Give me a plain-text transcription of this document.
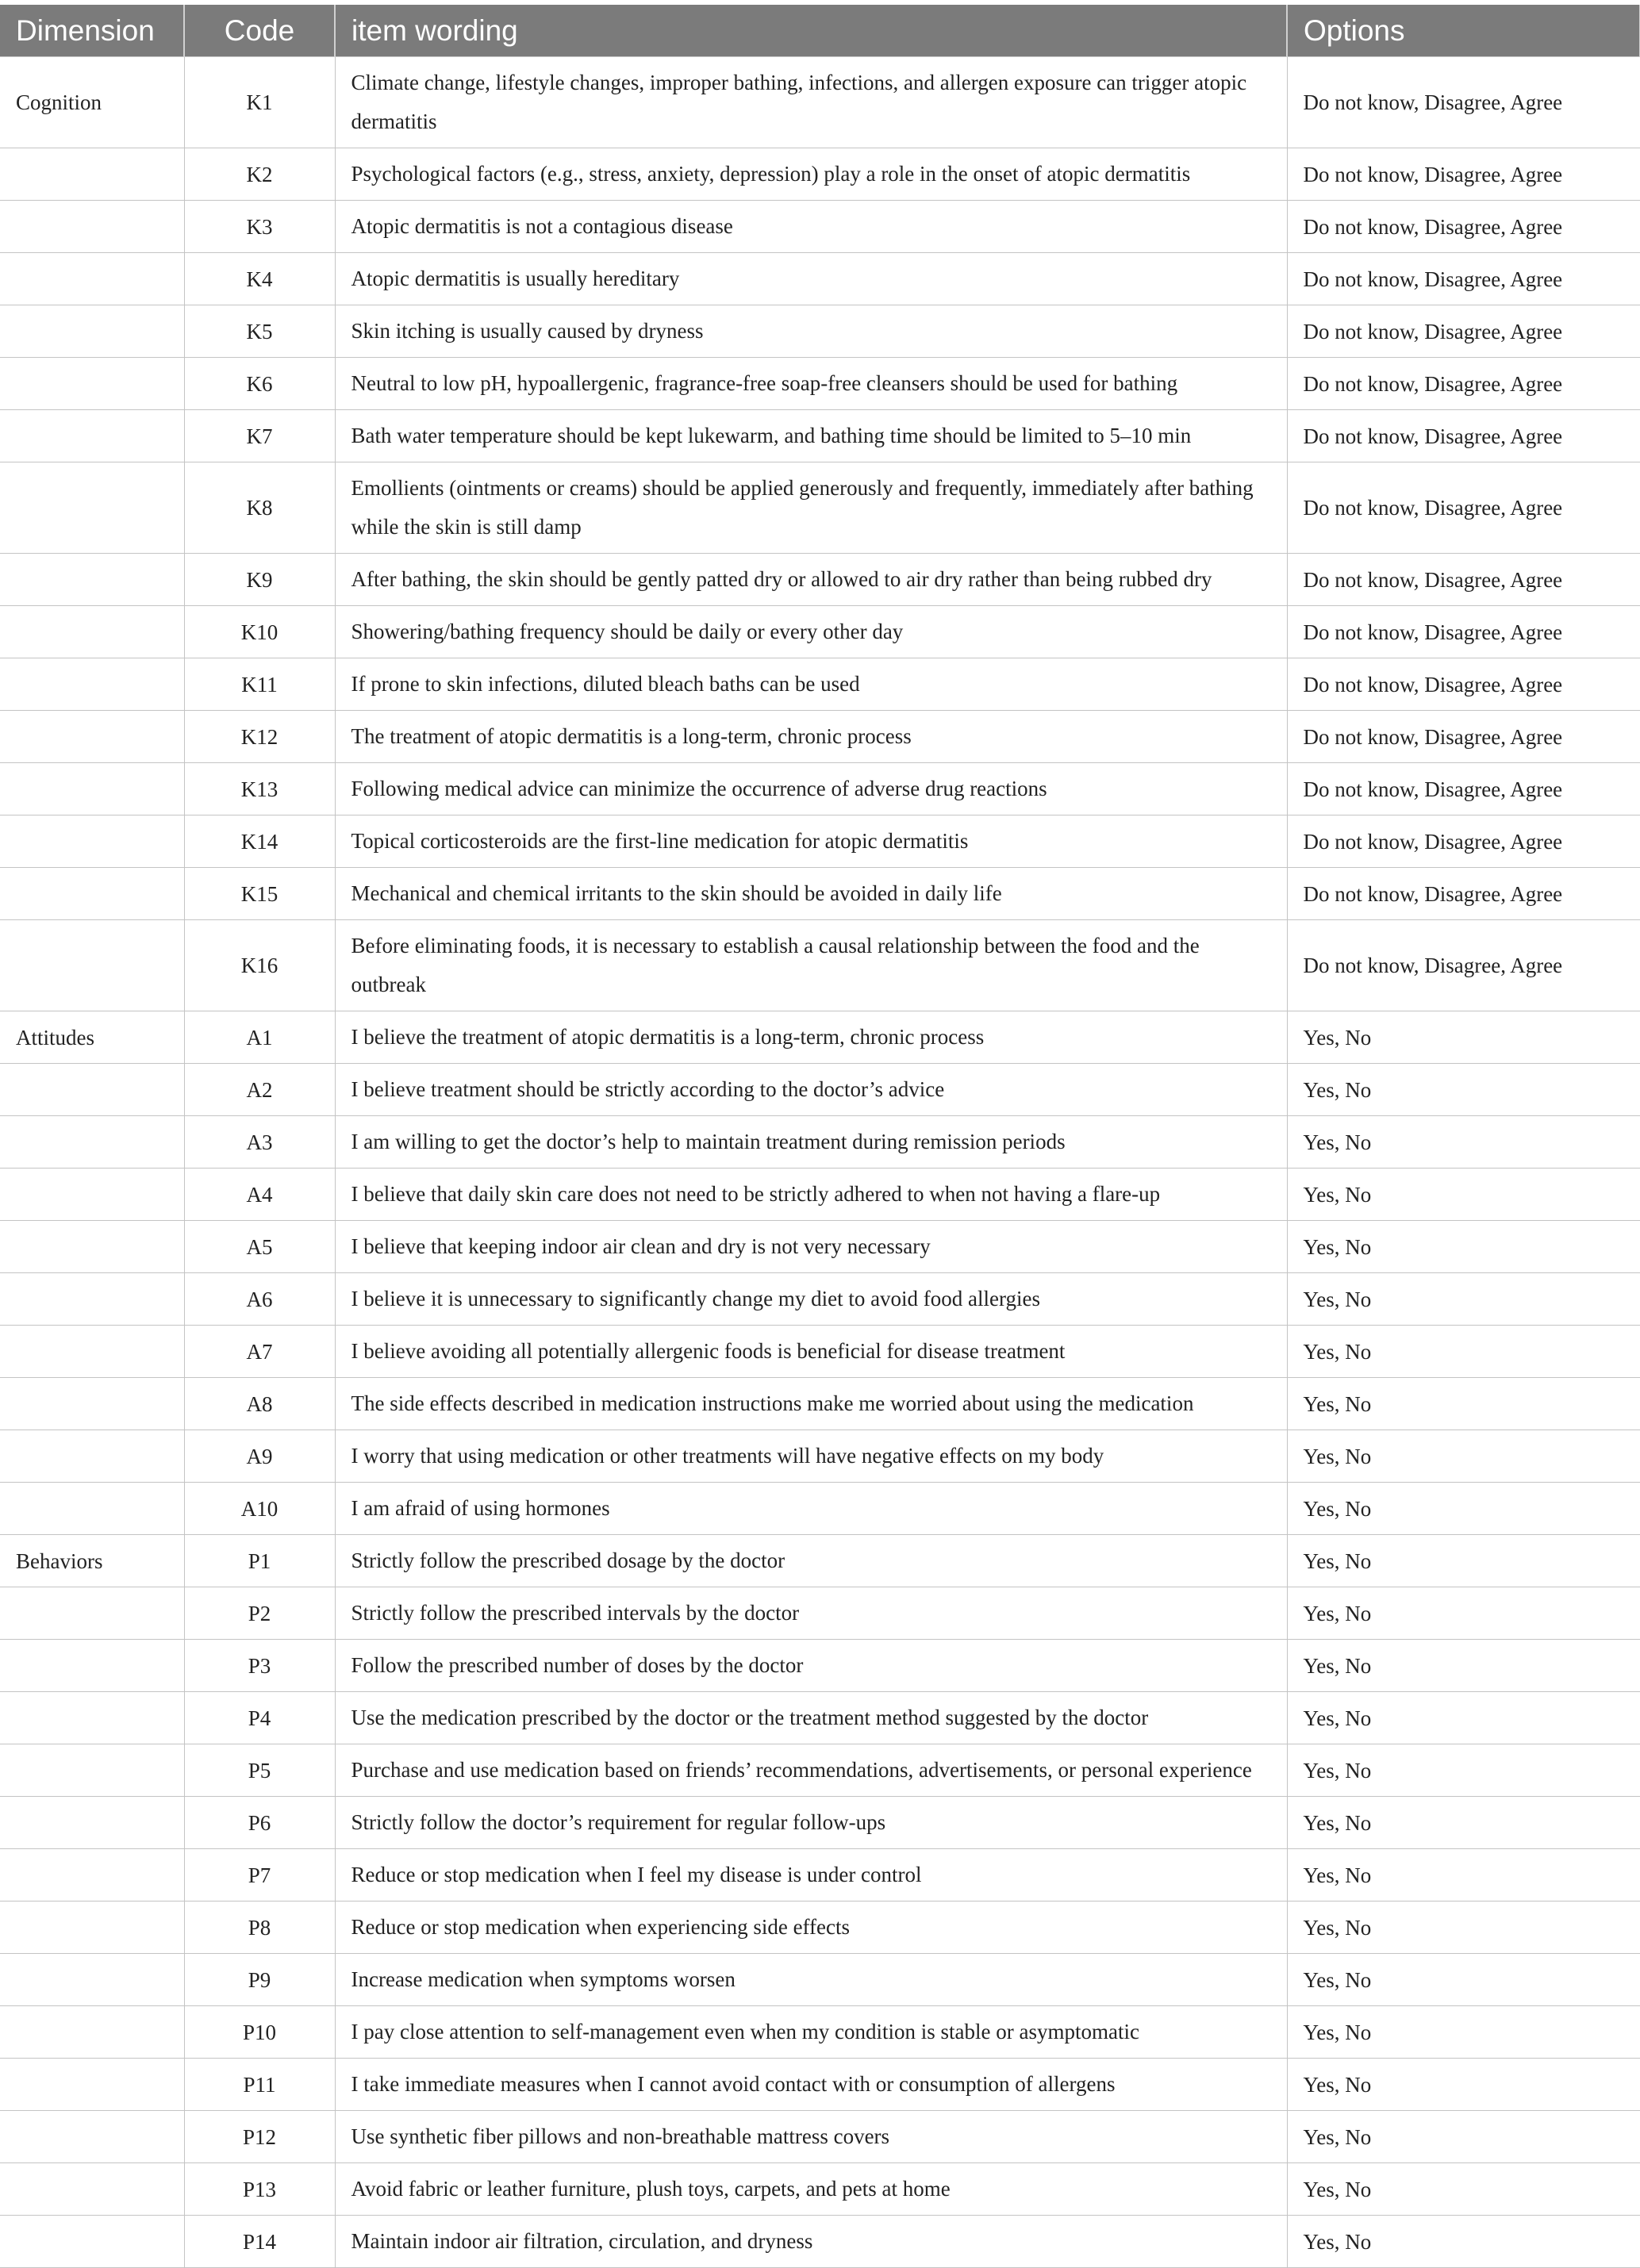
Dimension	Code	item wording	Options
Cognition	K1	Climate change, lifestyle changes, improper bathing, infections, and allergen exposure can trigger atopic dermatitis	Do not know, Disagree, Agree
	K2	Psychological factors (e.g., stress, anxiety, depression) play a role in the onset of atopic dermatitis	Do not know, Disagree, Agree
	K3	Atopic dermatitis is not a contagious disease	Do not know, Disagree, Agree
	K4	Atopic dermatitis is usually hereditary	Do not know, Disagree, Agree
	K5	Skin itching is usually caused by dryness	Do not know, Disagree, Agree
	K6	Neutral to low pH, hypoallergenic, fragrance-free soap-free cleansers should be used for bathing	Do not know, Disagree, Agree
	K7	Bath water temperature should be kept lukewarm, and bathing time should be limited to 5–10 min	Do not know, Disagree, Agree
	K8	Emollients (ointments or creams) should be applied generously and frequently, immediately after bathing while the skin is still damp	Do not know, Disagree, Agree
	K9	After bathing, the skin should be gently patted dry or allowed to air dry rather than being rubbed dry	Do not know, Disagree, Agree
	K10	Showering/bathing frequency should be daily or every other day	Do not know, Disagree, Agree
	K11	If prone to skin infections, diluted bleach baths can be used	Do not know, Disagree, Agree
	K12	The treatment of atopic dermatitis is a long-term, chronic process	Do not know, Disagree, Agree
	K13	Following medical advice can minimize the occurrence of adverse drug reactions	Do not know, Disagree, Agree
	K14	Topical corticosteroids are the first-line medication for atopic dermatitis	Do not know, Disagree, Agree
	K15	Mechanical and chemical irritants to the skin should be avoided in daily life	Do not know, Disagree, Agree
	K16	Before eliminating foods, it is necessary to establish a causal relationship between the food and the outbreak	Do not know, Disagree, Agree
Attitudes	A1	I believe the treatment of atopic dermatitis is a long-term, chronic process	Yes, No
	A2	I believe treatment should be strictly according to the doctor’s advice	Yes, No
	A3	I am willing to get the doctor’s help to maintain treatment during remission periods	Yes, No
	A4	I believe that daily skin care does not need to be strictly adhered to when not having a flare-up	Yes, No
	A5	I believe that keeping indoor air clean and dry is not very necessary	Yes, No
	A6	I believe it is unnecessary to significantly change my diet to avoid food allergies	Yes, No
	A7	I believe avoiding all potentially allergenic foods is beneficial for disease treatment	Yes, No
	A8	The side effects described in medication instructions make me worried about using the medication	Yes, No
	A9	I worry that using medication or other treatments will have negative effects on my body	Yes, No
	A10	I am afraid of using hormones	Yes, No
Behaviors	P1	Strictly follow the prescribed dosage by the doctor	Yes, No
	P2	Strictly follow the prescribed intervals by the doctor	Yes, No
	P3	Follow the prescribed number of doses by the doctor	Yes, No
	P4	Use the medication prescribed by the doctor or the treatment method suggested by the doctor	Yes, No
	P5	Purchase and use medication based on friends’ recommendations, advertisements, or personal experience	Yes, No
	P6	Strictly follow the doctor’s requirement for regular follow-ups	Yes, No
	P7	Reduce or stop medication when I feel my disease is under control	Yes, No
	P8	Reduce or stop medication when experiencing side effects	Yes, No
	P9	Increase medication when symptoms worsen	Yes, No
	P10	I pay close attention to self-management even when my condition is stable or asymptomatic	Yes, No
	P11	I take immediate measures when I cannot avoid contact with or consumption of allergens	Yes, No
	P12	Use synthetic fiber pillows and non-breathable mattress covers	Yes, No
	P13	Avoid fabric or leather furniture, plush toys, carpets, and pets at home	Yes, No
	P14	Maintain indoor air filtration, circulation, and dryness	Yes, No
